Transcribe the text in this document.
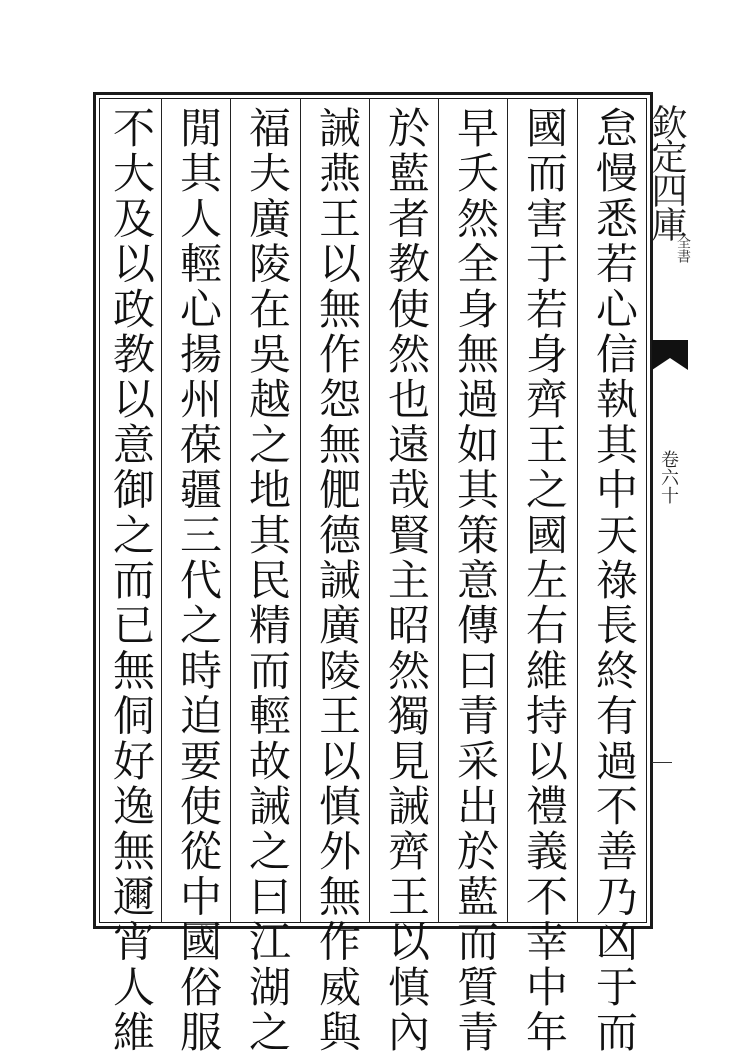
怠慢悉若心信執其中天祿長終有過不善乃凶于而
國而害于若身齊王之國左右維持以禮義不幸中年
早夭然全身無過如其策意傳曰青采出於藍而質青
於藍者教使然也遠哉賢主昭然獨見誡齊王以慎內
誡燕王以無作怨無俷德誡廣陵王以慎外無作威與
福夫廣陵在吳越之地其民精而輕故誡之曰江湖之
閒其人輕心揚州葆疆三代之時迫要使從中國俗服
不大及以政教以意御之而已無侗好逸無邇宵人維	欽定四庫
全書
卷六十
